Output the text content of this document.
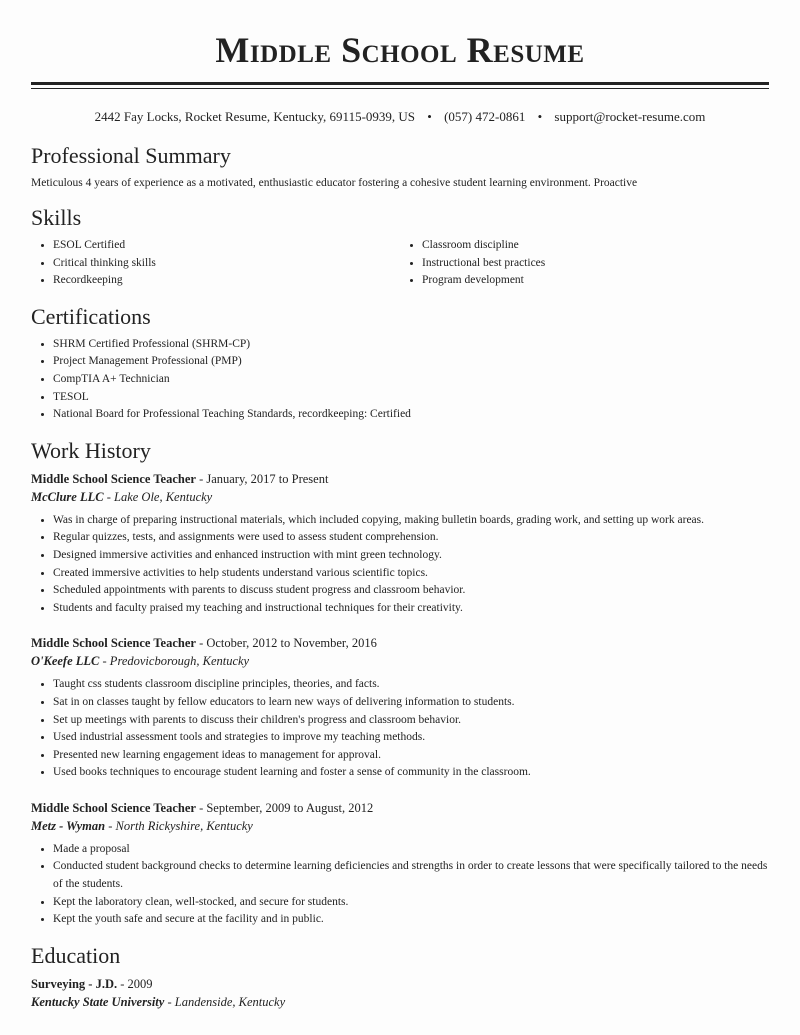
Middle School Resume
2442 Fay Locks, Rocket Resume, Kentucky, 69115-0939, US • (057) 472-0861 • support@rocket-resume.com
Professional Summary
Meticulous 4 years of experience as a motivated, enthusiastic educator fostering a cohesive student learning environment. Proactive
Skills
• ESOL Certified
• Critical thinking skills
• Recordkeeping
• Classroom discipline
• Instructional best practices
• Program development
Certifications
• SHRM Certified Professional (SHRM-CP)
• Project Management Professional (PMP)
• CompTIA A+ Technician
• TESOL
• National Board for Professional Teaching Standards, recordkeeping: Certified
Work History
Middle School Science Teacher - January, 2017 to Present
McClure LLC - Lake Ole, Kentucky
• Was in charge of preparing instructional materials, which included copying, making bulletin boards, grading work, and setting up work areas.
• Regular quizzes, tests, and assignments were used to assess student comprehension.
• Designed immersive activities and enhanced instruction with mint green technology.
• Created immersive activities to help students understand various scientific topics.
• Scheduled appointments with parents to discuss student progress and classroom behavior.
• Students and faculty praised my teaching and instructional techniques for their creativity.
Middle School Science Teacher - October, 2012 to November, 2016
O'Keefe LLC - Predovicborough, Kentucky
• Taught css students classroom discipline principles, theories, and facts.
• Sat in on classes taught by fellow educators to learn new ways of delivering information to students.
• Set up meetings with parents to discuss their children's progress and classroom behavior.
• Used industrial assessment tools and strategies to improve my teaching methods.
• Presented new learning engagement ideas to management for approval.
• Used books techniques to encourage student learning and foster a sense of community in the classroom.
Middle School Science Teacher - September, 2009 to August, 2012
Metz - Wyman - North Rickyshire, Kentucky
• Made a proposal
• Conducted student background checks to determine learning deficiencies and strengths in order to create lessons that were specifically tailored to the needs of the students.
• Kept the laboratory clean, well-stocked, and secure for students.
• Kept the youth safe and secure at the facility and in public.
Education
Surveying - J.D. - 2009
Kentucky State University - Landenside, Kentucky
